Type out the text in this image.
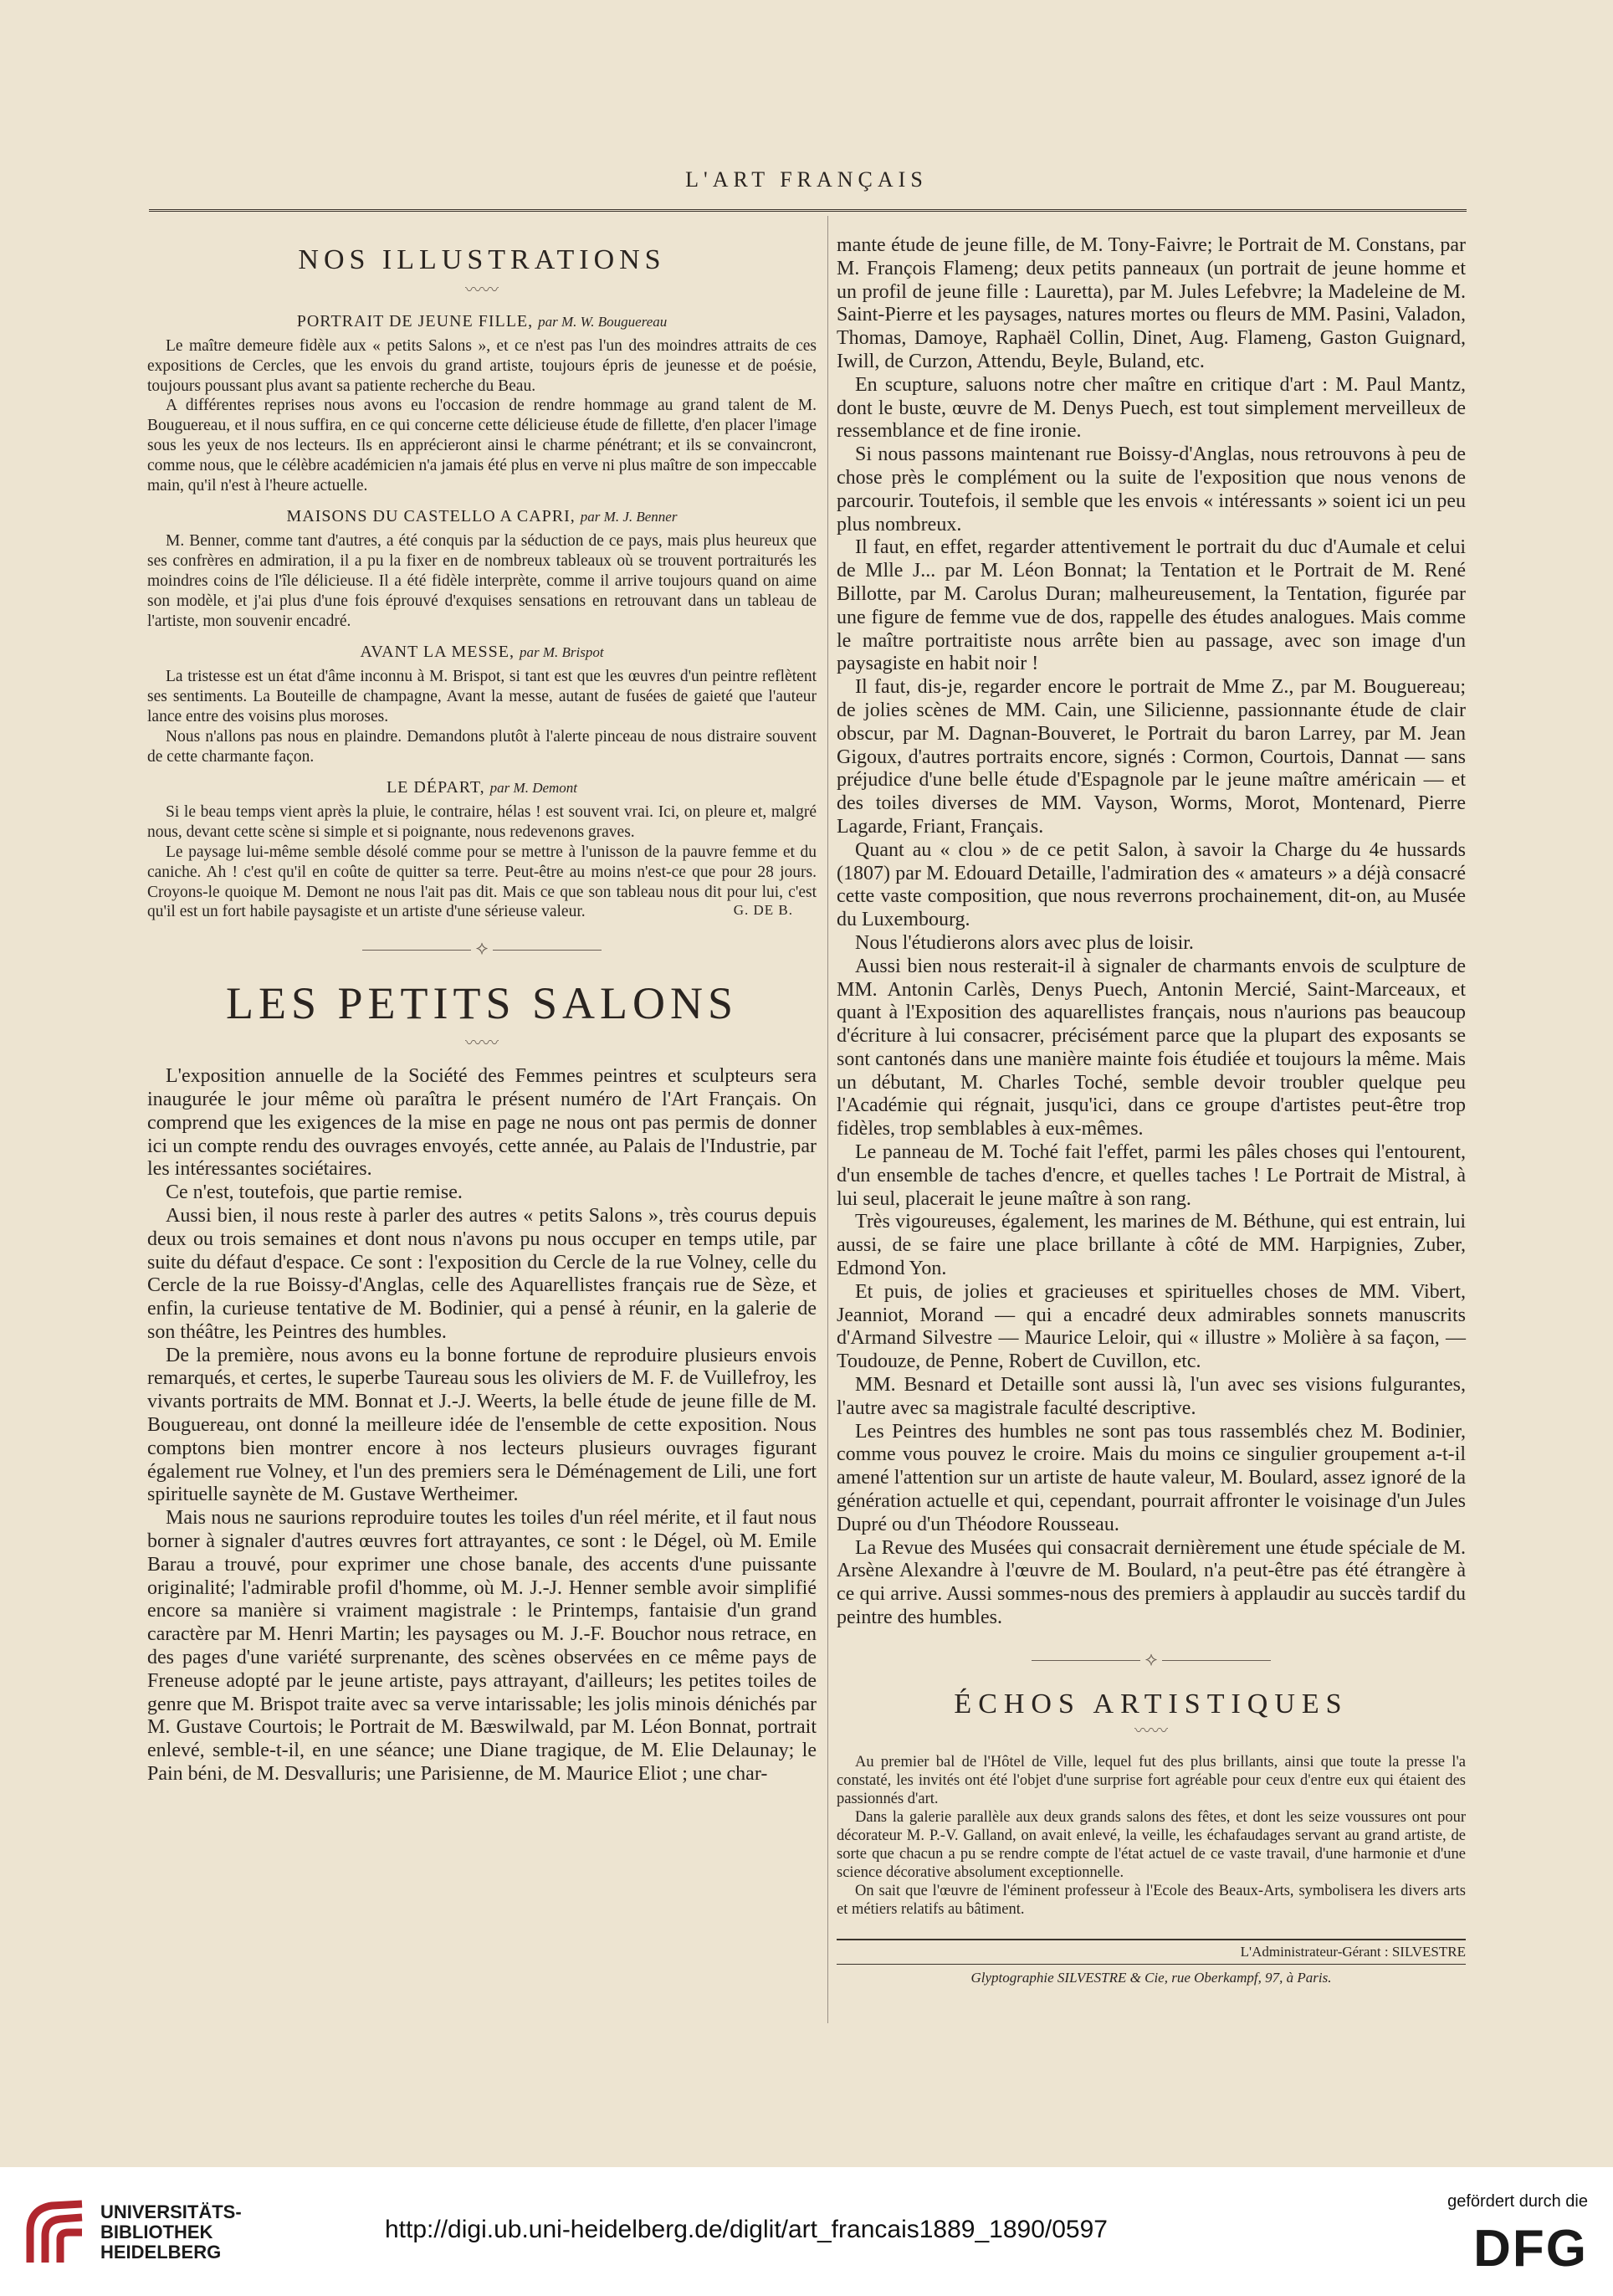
L'ART FRANÇAIS
NOS ILLUSTRATIONS
〰〰
PORTRAIT DE JEUNE FILLE, par M. W. Bouguereau

Le maître demeure fidèle aux « petits Salons », et ce n'est pas l'un des moindres attraits de ces expositions de Cercles, que les envois du grand artiste, toujours épris de jeunesse et de poésie, toujours poussant plus avant sa patiente recherche du Beau.

A différentes reprises nous avons eu l'occasion de rendre hommage au grand talent de M. Bouguereau, et il nous suffira, en ce qui concerne cette délicieuse étude de fillette, d'en placer l'image sous les yeux de nos lecteurs. Ils en apprécieront ainsi le charme pénétrant; et ils se convaincront, comme nous, que le célèbre académicien n'a jamais été plus en verve ni plus maître de son impeccable main, qu'il n'est à l'heure actuelle.

MAISONS DU CASTELLO A CAPRI, par M. J. Benner

M. Benner, comme tant d'autres, a été conquis par la séduction de ce pays, mais plus heureux que ses confrères en admiration, il a pu la fixer en de nombreux tableaux où se trouvent portraiturés les moindres coins de l'île délicieuse. Il a été fidèle interprète, comme il arrive toujours quand on aime son modèle, et j'ai plus d'une fois éprouvé d'exquises sensations en retrouvant dans un tableau de l'artiste, mon souvenir encadré.

AVANT LA MESSE, par M. Brispot

La tristesse est un état d'âme inconnu à M. Brispot, si tant est que les œuvres d'un peintre reflètent ses sentiments. La Bouteille de champagne, Avant la messe, autant de fusées de gaieté que l'auteur lance entre des voisins plus moroses.

Nous n'allons pas nous en plaindre. Demandons plutôt à l'alerte pinceau de nous distraire souvent de cette charmante façon.

LE DÉPART, par M. Demont

Si le beau temps vient après la pluie, le contraire, hélas ! est souvent vrai. Ici, on pleure et, malgré nous, devant cette scène si simple et si poignante, nous redevenons graves.

Le paysage lui-même semble désolé comme pour se mettre à l'unisson de la pauvre femme et du caniche. Ah ! c'est qu'il en coûte de quitter sa terre. Peut-être au moins n'est-ce que pour 28 jours. Croyons-le quoique M. Demont ne nous l'ait pas dit. Mais ce que son tableau nous dit pour lui, c'est qu'il est un fort habile paysagiste et un artiste d'une sérieuse valeur.	G. DE B.
⟡
LES PETITS SALONS
〰〰

L'exposition annuelle de la Société des Femmes peintres et sculpteurs sera inaugurée le jour même où paraîtra le présent numéro de l'Art Français. On comprend que les exigences de la mise en page ne nous ont pas permis de donner ici un compte rendu des ouvrages envoyés, cette année, au Palais de l'Industrie, par les intéressantes sociétaires.

Ce n'est, toutefois, que partie remise.

Aussi bien, il nous reste à parler des autres « petits Salons », très courus depuis deux ou trois semaines et dont nous n'avons pu nous occuper en temps utile, par suite du défaut d'espace. Ce sont : l'exposition du Cercle de la rue Volney, celle du Cercle de la rue Boissy-d'Anglas, celle des Aquarellistes français rue de Sèze, et enfin, la curieuse tentative de M. Bodinier, qui a pensé à réunir, en la galerie de son théâtre, les Peintres des humbles.

De la première, nous avons eu la bonne fortune de reproduire plusieurs envois remarqués, et certes, le superbe Taureau sous les oliviers de M. F. de Vuillefroy, les vivants portraits de MM. Bonnat et J.-J. Weerts, la belle étude de jeune fille de M. Bouguereau, ont donné la meilleure idée de l'ensemble de cette exposition. Nous comptons bien montrer encore à nos lecteurs plusieurs ouvrages figurant également rue Volney, et l'un des premiers sera le Déménagement de Lili, une fort spirituelle saynète de M. Gustave Wertheimer.

Mais nous ne saurions reproduire toutes les toiles d'un réel mérite, et il faut nous borner à signaler d'autres œuvres fort attrayantes, ce sont : le Dégel, où M. Emile Barau a trouvé, pour exprimer une chose banale, des accents d'une puissante originalité; l'admirable profil d'homme, où M. J.-J. Henner semble avoir simplifié encore sa manière si vraiment magistrale : le Printemps, fantaisie d'un grand caractère par M. Henri Martin; les paysages ou M. J.-F. Bouchor nous retrace, en des pages d'une variété surprenante, des scènes observées en ce même pays de Freneuse adopté par le jeune artiste, pays attrayant, d'ailleurs; les petites toiles de genre que M. Brispot traite avec sa verve intarissable; les jolis minois dénichés par M. Gustave Courtois; le Portrait de M. Bæswilwald, par M. Léon Bonnat, portrait enlevé, semble-t-il, en une séance; une Diane tragique, de M. Elie Delaunay; le Pain béni, de M. Desvalluris; une Parisienne, de M. Maurice Eliot ; une char-

mante étude de jeune fille, de M. Tony-Faivre; le Portrait de M. Constans, par M. François Flameng; deux petits panneaux (un portrait de jeune homme et un profil de jeune fille : Lauretta), par M. Jules Lefebvre; la Madeleine de M. Saint-Pierre et les paysages, natures mortes ou fleurs de MM. Pasini, Valadon, Thomas, Damoye, Raphaël Collin, Dinet, Aug. Flameng, Gaston Guignard, Iwill, de Curzon, Attendu, Beyle, Buland, etc.

En scupture, saluons notre cher maître en critique d'art : M. Paul Mantz, dont le buste, œuvre de M. Denys Puech, est tout simplement merveilleux de ressemblance et de fine ironie.

Si nous passons maintenant rue Boissy-d'Anglas, nous retrouvons à peu de chose près le complément ou la suite de l'exposition que nous venons de parcourir. Toutefois, il semble que les envois « intéressants » soient ici un peu plus nombreux.

Il faut, en effet, regarder attentivement le portrait du duc d'Aumale et celui de Mlle J... par M. Léon Bonnat; la Tentation et le Portrait de M. René Billotte, par M. Carolus Duran; malheureusement, la Tentation, figurée par une figure de femme vue de dos, rappelle des études analogues. Mais comme le maître portraitiste nous arrête bien au passage, avec son image d'un paysagiste en habit noir !

Il faut, dis-je, regarder encore le portrait de Mme Z., par M. Bouguereau; de jolies scènes de MM. Cain, une Silicienne, passionnante étude de clair obscur, par M. Dagnan-Bouveret, le Portrait du baron Larrey, par M. Jean Gigoux, d'autres portraits encore, signés : Cormon, Courtois, Dannat — sans préjudice d'une belle étude d'Espagnole par le jeune maître américain — et des toiles diverses de MM. Vayson, Worms, Morot, Montenard, Pierre Lagarde, Friant, Français.

Quant au « clou » de ce petit Salon, à savoir la Charge du 4e hussards (1807) par M. Edouard Detaille, l'admiration des « amateurs » a déjà consacré cette vaste composition, que nous reverrons prochainement, dit-on, au Musée du Luxembourg.

Nous l'étudierons alors avec plus de loisir.

Aussi bien nous resterait-il à signaler de charmants envois de sculpture de MM. Antonin Carlès, Denys Puech, Antonin Mercié, Saint-Marceaux, et quant à l'Exposition des aquarellistes français, nous n'aurions pas beaucoup d'écriture à lui consacrer, précisément parce que la plupart des exposants se sont cantonés dans une manière mainte fois étudiée et toujours la même. Mais un débutant, M. Charles Toché, semble devoir troubler quelque peu l'Académie qui régnait, jusqu'ici, dans ce groupe d'artistes peut-être trop fidèles, trop semblables à eux-mêmes.

Le panneau de M. Toché fait l'effet, parmi les pâles choses qui l'entourent, d'un ensemble de taches d'encre, et quelles taches ! Le Portrait de Mistral, à lui seul, placerait le jeune maître à son rang.

Très vigoureuses, également, les marines de M. Béthune, qui est entrain, lui aussi, de se faire une place brillante à côté de MM. Harpignies, Zuber, Edmond Yon.

Et puis, de jolies et gracieuses et spirituelles choses de MM. Vibert, Jeanniot, Morand — qui a encadré deux admirables sonnets manuscrits d'Armand Silvestre — Maurice Leloir, qui « illustre » Molière à sa façon, — Toudouze, de Penne, Robert de Cuvillon, etc.

MM. Besnard et Detaille sont aussi là, l'un avec ses visions fulgurantes, l'autre avec sa magistrale faculté descriptive.

Les Peintres des humbles ne sont pas tous rassemblés chez M. Bodinier, comme vous pouvez le croire. Mais du moins ce singulier groupement a-t-il amené l'attention sur un artiste de haute valeur, M. Boulard, assez ignoré de la génération actuelle et qui, cependant, pourrait affronter le voisinage d'un Jules Dupré ou d'un Théodore Rousseau.

La Revue des Musées qui consacrait dernièrement une étude spéciale de M. Arsène Alexandre à l'œuvre de M. Boulard, n'a peut-être pas été étrangère à ce qui arrive. Aussi sommes-nous des premiers à applaudir au succès tardif du peintre des humbles.

⟡
ÉCHOS ARTISTIQUES
〰〰

Au premier bal de l'Hôtel de Ville, lequel fut des plus brillants, ainsi que toute la presse l'a constaté, les invités ont été l'objet d'une surprise fort agréable pour ceux d'entre eux qui étaient des passionnés d'art.

Dans la galerie parallèle aux deux grands salons des fêtes, et dont les seize voussures ont pour décorateur M. P.-V. Galland, on avait enlevé, la veille, les échafaudages servant au grand artiste, de sorte que chacun a pu se rendre compte de l'état actuel de ce vaste travail, d'une harmonie et d'une science décorative absolument exceptionnelle.

On sait que l'œuvre de l'éminent professeur à l'Ecole des Beaux-Arts, symbolisera les divers arts et métiers relatifs au bâtiment.

L'Administrateur-Gérant : SILVESTRE
Glyptographie SILVESTRE & Cie, rue Oberkampf, 97, à Paris.
UNIVERSITÄTS-
BIBLIOTHEK
HEIDELBERG
http://digi.ub.uni-heidelberg.de/diglit/art_francais1889_1890/0597
gefördert durch die
DFG
